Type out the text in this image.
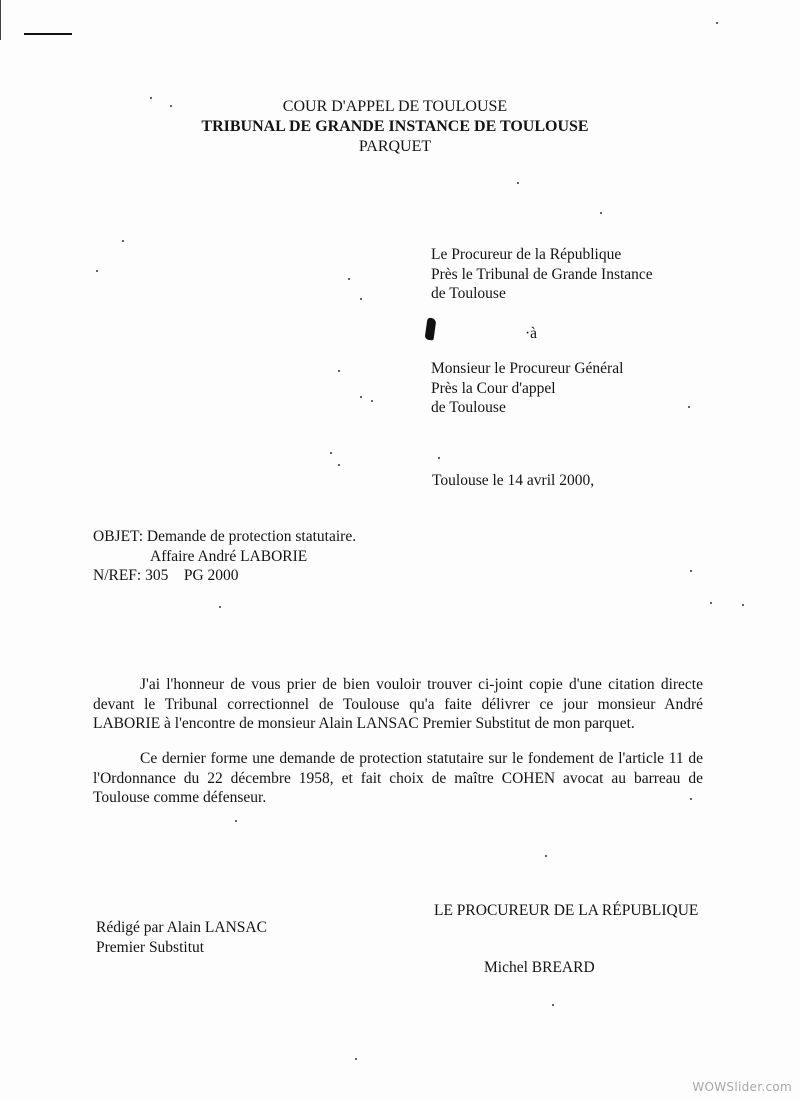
COUR D'APPEL DE TOULOUSE
TRIBUNAL DE GRANDE INSTANCE DE TOULOUSE
PARQUET
Le Procureur de la République
Près le Tribunal de Grande Instance
de Toulouse
·à
Monsieur le Procureur Général
Près la Cour d'appel
de Toulouse
Toulouse le 14 avril 2000,
OBJET: Demande de protection statutaire.
Affaire André LABORIE
N/REF: 305    PG 2000
J'ai l'honneur de vous prier de bien vouloir trouver ci-joint copie d'une citation directe devant le Tribunal correctionnel de Toulouse qu'a faite délivrer ce jour monsieur André LABORIE à l'encontre de monsieur Alain LANSAC Premier Substitut de mon parquet.
Ce dernier forme une demande de protection statutaire sur le fondement de l'article 11 de l'Ordonnance du 22 décembre 1958, et fait choix de maître COHEN avocat au barreau de Toulouse comme défenseur.
LE PROCUREUR DE LA RÉPUBLIQUE
Rédigé par Alain LANSAC
Premier Substitut
Michel BREARD
WOWSlider.com
